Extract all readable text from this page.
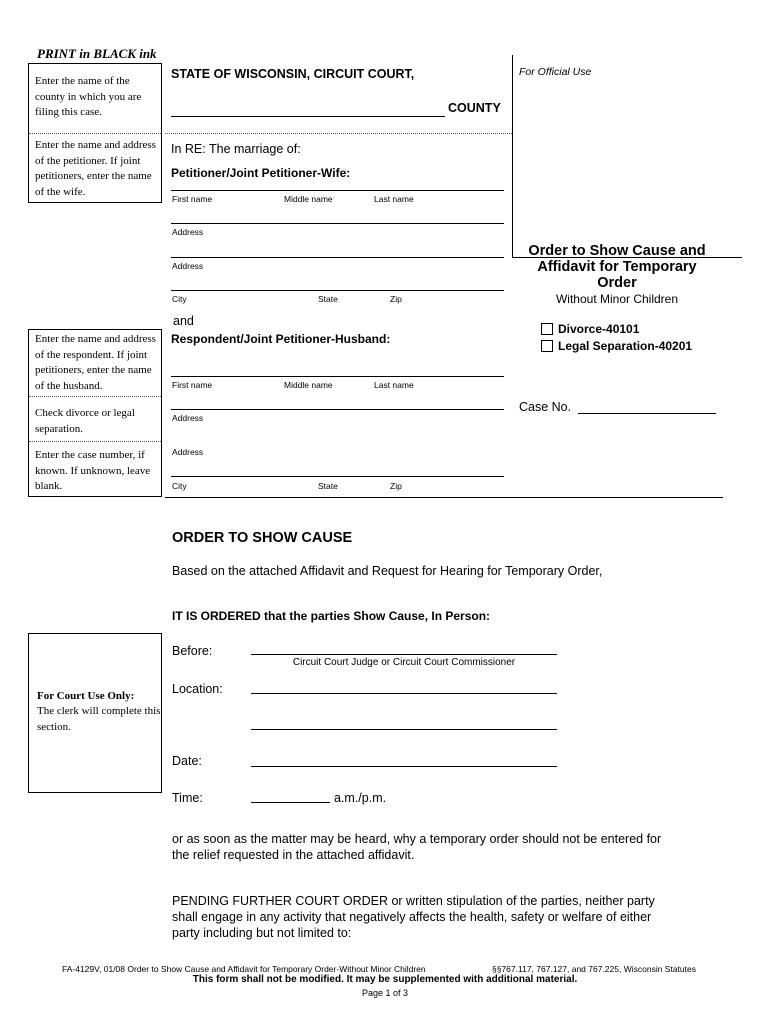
PRINT in BLACK ink
Enter the name of the county in which you are filing this case.
Enter the name and address of the petitioner. If joint petitioners, enter the name of the wife.
Enter the name and address of the respondent. If joint petitioners, enter the name of the husband.
Check divorce or legal separation.
Enter the case number, if known. If unknown, leave blank.
For Court Use Only:
The clerk will complete this section.
STATE OF WISCONSIN, CIRCUIT COURT,
COUNTY
For Official Use
In RE: The marriage of:
Petitioner/Joint Petitioner-Wife:
First name	Middle name	Last name
Address
Address
City	State	Zip
and
Respondent/Joint Petitioner-Husband:
First name	Middle name	Last name
Address
Address
City	State	Zip
Order to Show Cause and
Affidavit for Temporary
Order
Without Minor Children
Divorce-40101
Legal Separation-40201
Case No.
ORDER TO SHOW CAUSE
Based on the attached Affidavit and Request for Hearing for Temporary Order,
IT IS ORDERED that the parties Show Cause, In Person:
Before:
Circuit Court Judge or Circuit Court Commissioner
Location:
Date:
Time:	a.m./p.m.
or as soon as the matter may be heard, why a temporary order should not be entered for the relief requested in the attached affidavit.
PENDING FURTHER COURT ORDER or written stipulation of the parties, neither party shall engage in any activity that negatively affects the health, safety or welfare of either party including but not limited to:
FA-4129V, 01/08 Order to Show Cause and Affidavit for Temporary Order-Without Minor Children	§§767.117, 767.127, and 767.225, Wisconsin Statutes
This form shall not be modified. It may be supplemented with additional material.
Page 1 of 3
